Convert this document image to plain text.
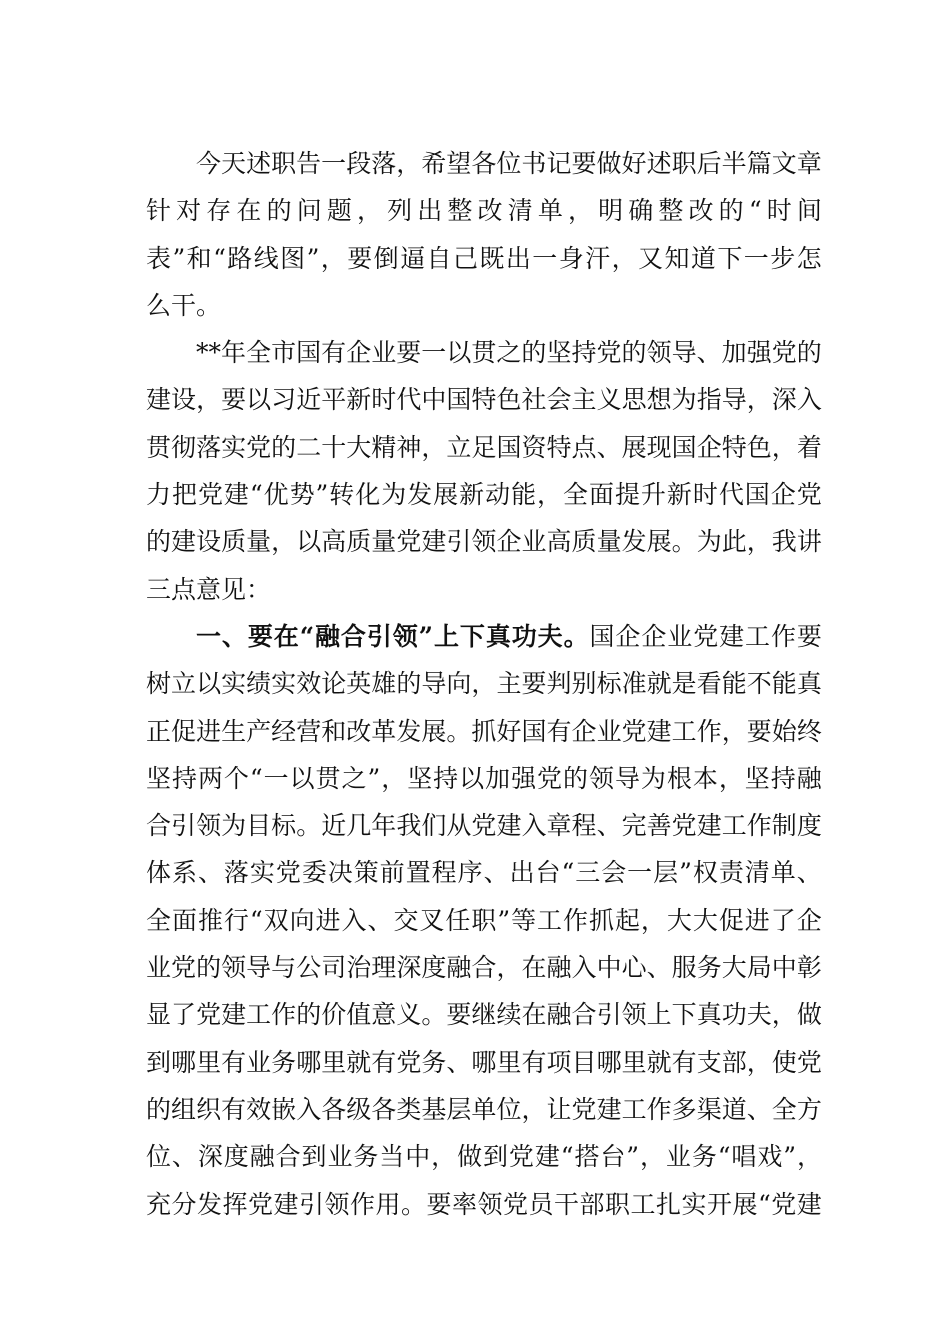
今 天 述 职 告 一 段 落 ， 希 望 各 位 书 记 要 做 好 述 职 后 半 篇 文 章
针 对 存 在 的 问 题 ， 列 出 整 改 清 单 ， 明 确 整 改 的 “ 时 间
表 ” 和 “ 路 线 图 ” ， 要 倒 逼 自 己 既 出 一 身 汗 ， 又 知 道 下 一 步 怎
么干。
* * 年 全 市 国 有 企 业 要 一 以 贯 之 的 坚 持 党 的 领 导 、 加 强 党 的
建 设 ， 要 以 习 近 平 新 时 代 中 国 特 色 社 会 主 义 思 想 为 指 导 ， 深 入
贯 彻 落 实 党 的 二 十 大 精 神 ， 立 足 国 资 特 点 、 展 现 国 企 特 色 ， 着
力 把 党 建 “ 优 势 ” 转 化 为 发 展 新 动 能 ， 全 面 提 升 新 时 代 国 企 党
的 建 设 质 量 ， 以 高 质 量 党 建 引 领 企 业 高 质 量 发 展 。 为 此 ， 我 讲
三点意见：
一 、 要 在 “ 融 合 引 领 ” 上 下 真 功 夫 。 国 企 企 业 党 建 工 作 要
树 立 以 实 绩 实 效 论 英 雄 的 导 向 ， 主 要 判 别 标 准 就 是 看 能 不 能 真
正 促 进 生 产 经 营 和 改 革 发 展 。 抓 好 国 有 企 业 党 建 工 作 ， 要 始 终
坚 持 两 个 “ 一 以 贯 之 ” ， 坚 持 以 加 强 党 的 领 导 为 根 本 ， 坚 持 融
合 引 领 为 目 标 。 近 几 年 我 们 从 党 建 入 章 程 、 完 善 党 建 工 作 制 度
体 系 、 落 实 党 委 决 策 前 置 程 序 、 出 台 “ 三 会 一 层 ” 权 责 清 单 、
全 面 推 行 “ 双 向 进 入 、 交 叉 任 职 ” 等 工 作 抓 起 ， 大 大 促 进 了 企
业 党 的 领 导 与 公 司 治 理 深 度 融 合 ， 在 融 入 中 心 、 服 务 大 局 中 彰
显 了 党 建 工 作 的 价 值 意 义 。 要 继 续 在 融 合 引 领 上 下 真 功 夫 ， 做
到 哪 里 有 业 务 哪 里 就 有 党 务 、 哪 里 有 项 目 哪 里 就 有 支 部 ， 使 党
的 组 织 有 效 嵌 入 各 级 各 类 基 层 单 位 ， 让 党 建 工 作 多 渠 道 、 全 方
位 、 深 度 融 合 到 业 务 当 中 ， 做 到 党 建 “ 搭 台 ” ， 业 务 “ 唱 戏 ” ，
充 分 发 挥 党 建 引 领 作 用 。 要 率 领 党 员 干 部 职 工 扎 实 开 展 “ 党 建
